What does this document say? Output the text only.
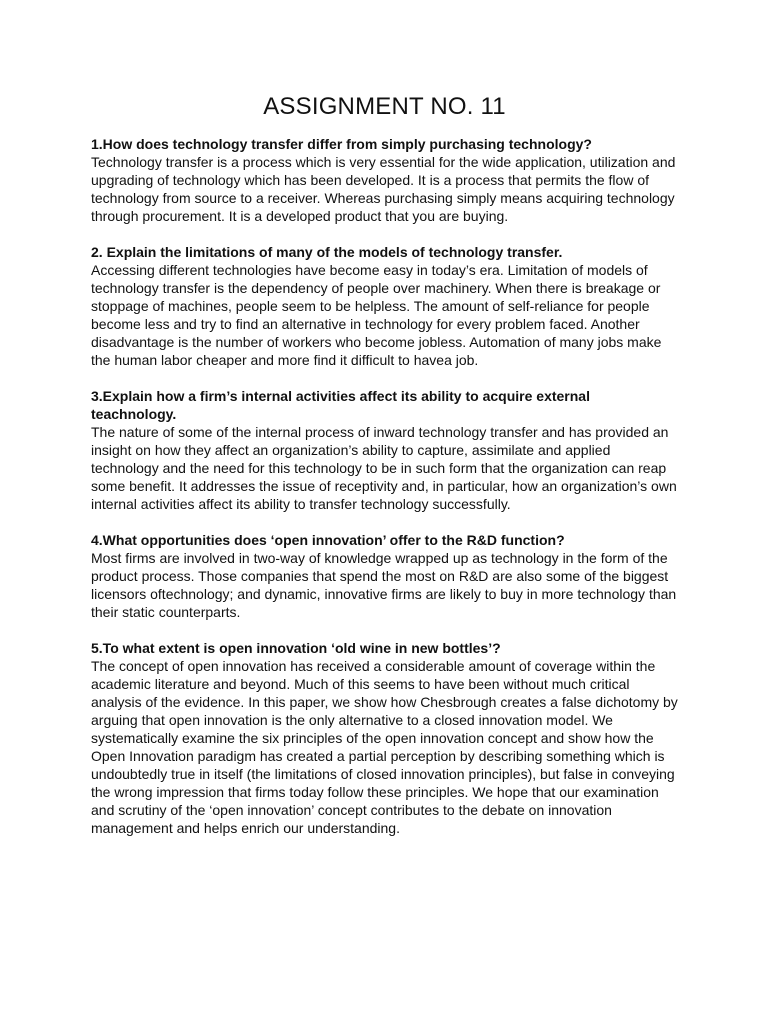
ASSIGNMENT NO. 11

1.How does technology transfer differ from simply purchasing technology?

Technology transfer is a process which is very essential for the wide application, utilization and upgrading of technology which has been developed. It is a process that permits the flow of technology from source to a receiver. Whereas purchasing simply means acquiring technology through procurement. It is a developed product that you are buying.

2. Explain the limitations of many of the models of technology transfer.

Accessing different technologies have become easy in today’s era. Limitation of models of technology transfer is the dependency of people over machinery. When there is breakage or stoppage of machines, people seem to be helpless. The amount of self-reliance for people become less and try to find an alternative in technology for every problem faced. Another disadvantage is the number of workers who become jobless. Automation of many jobs make the human labor cheaper and more find it difficult to havea job.

3.Explain how a firm’s internal activities affect its ability to acquire external teachnology.

The nature of some of the internal process of inward technology transfer and has provided an insight on how they affect an organization’s ability to capture, assimilate and applied technology and the need for this technology to be in such form that the organization can reap some benefit. It addresses the issue of receptivity and, in particular, how an organization’s own internal activities affect its ability to transfer technology successfully.

4.What opportunities does ‘open innovation’ offer to the R&D function?

Most firms are involved in two-way of knowledge wrapped up as technology in the form of the product process. Those companies that spend the most on R&D are also some of the biggest licensors oftechnology; and dynamic, innovative firms are likely to buy in more technology than their static counterparts.

5.To what extent is open innovation ‘old wine in new bottles’?

The concept of open innovation has received a considerable amount of coverage within the academic literature and beyond. Much of this seems to have been without much critical analysis of the evidence. In this paper, we show how Chesbrough creates a false dichotomy by arguing that open innovation is the only alternative to a closed innovation model. We systematically examine the six principles of the open innovation concept and show how the Open Innovation paradigm has created a partial perception by describing something which is undoubtedly true in itself (the limitations of closed innovation principles), but false in conveying the wrong impression that firms today follow these principles. We hope that our examination and scrutiny of the ‘open innovation’ concept contributes to the debate on innovation management and helps enrich our understanding.
